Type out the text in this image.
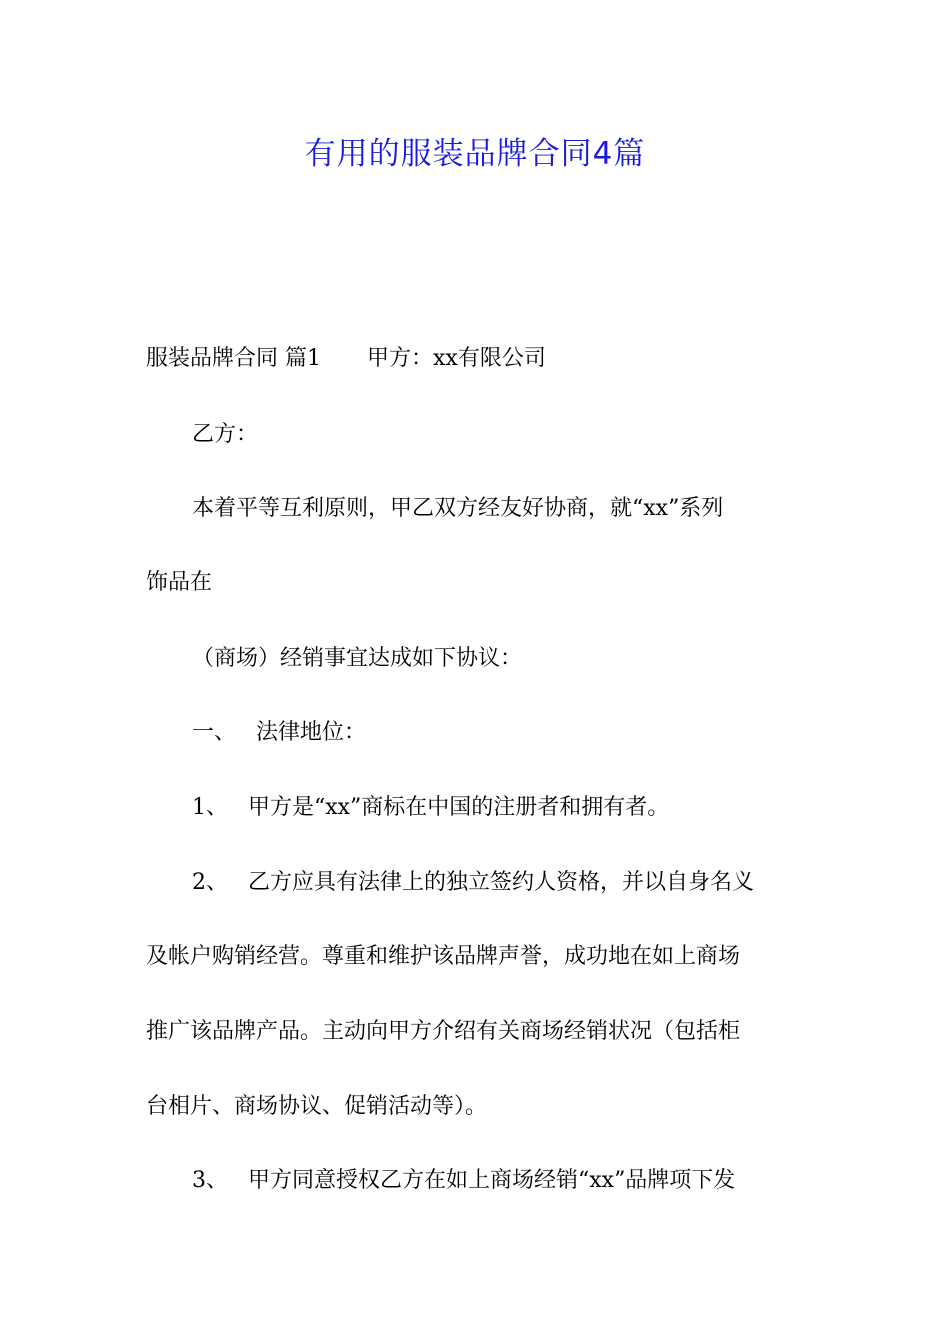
有用的服装品牌合同4篇
服装品牌合同 篇1 甲方：xx有限公司
乙方：
本着平等互利原则，甲乙双方经友好协商，就“xx”系列
饰品在
（商场）经销事宜达成如下协议：
一、 法律地位：
1、 甲方是“xx”商标在中国的注册者和拥有者。
2、 乙方应具有法律上的独立签约人资格，并以自身名义
及帐户购销经营。尊重和维护该品牌声誉，成功地在如上商场
推广该品牌产品。主动向甲方介绍有关商场经销状况（包括柜
台相片、商场协议、促销活动等）。
3、 甲方同意授权乙方在如上商场经销“xx”品牌项下发
